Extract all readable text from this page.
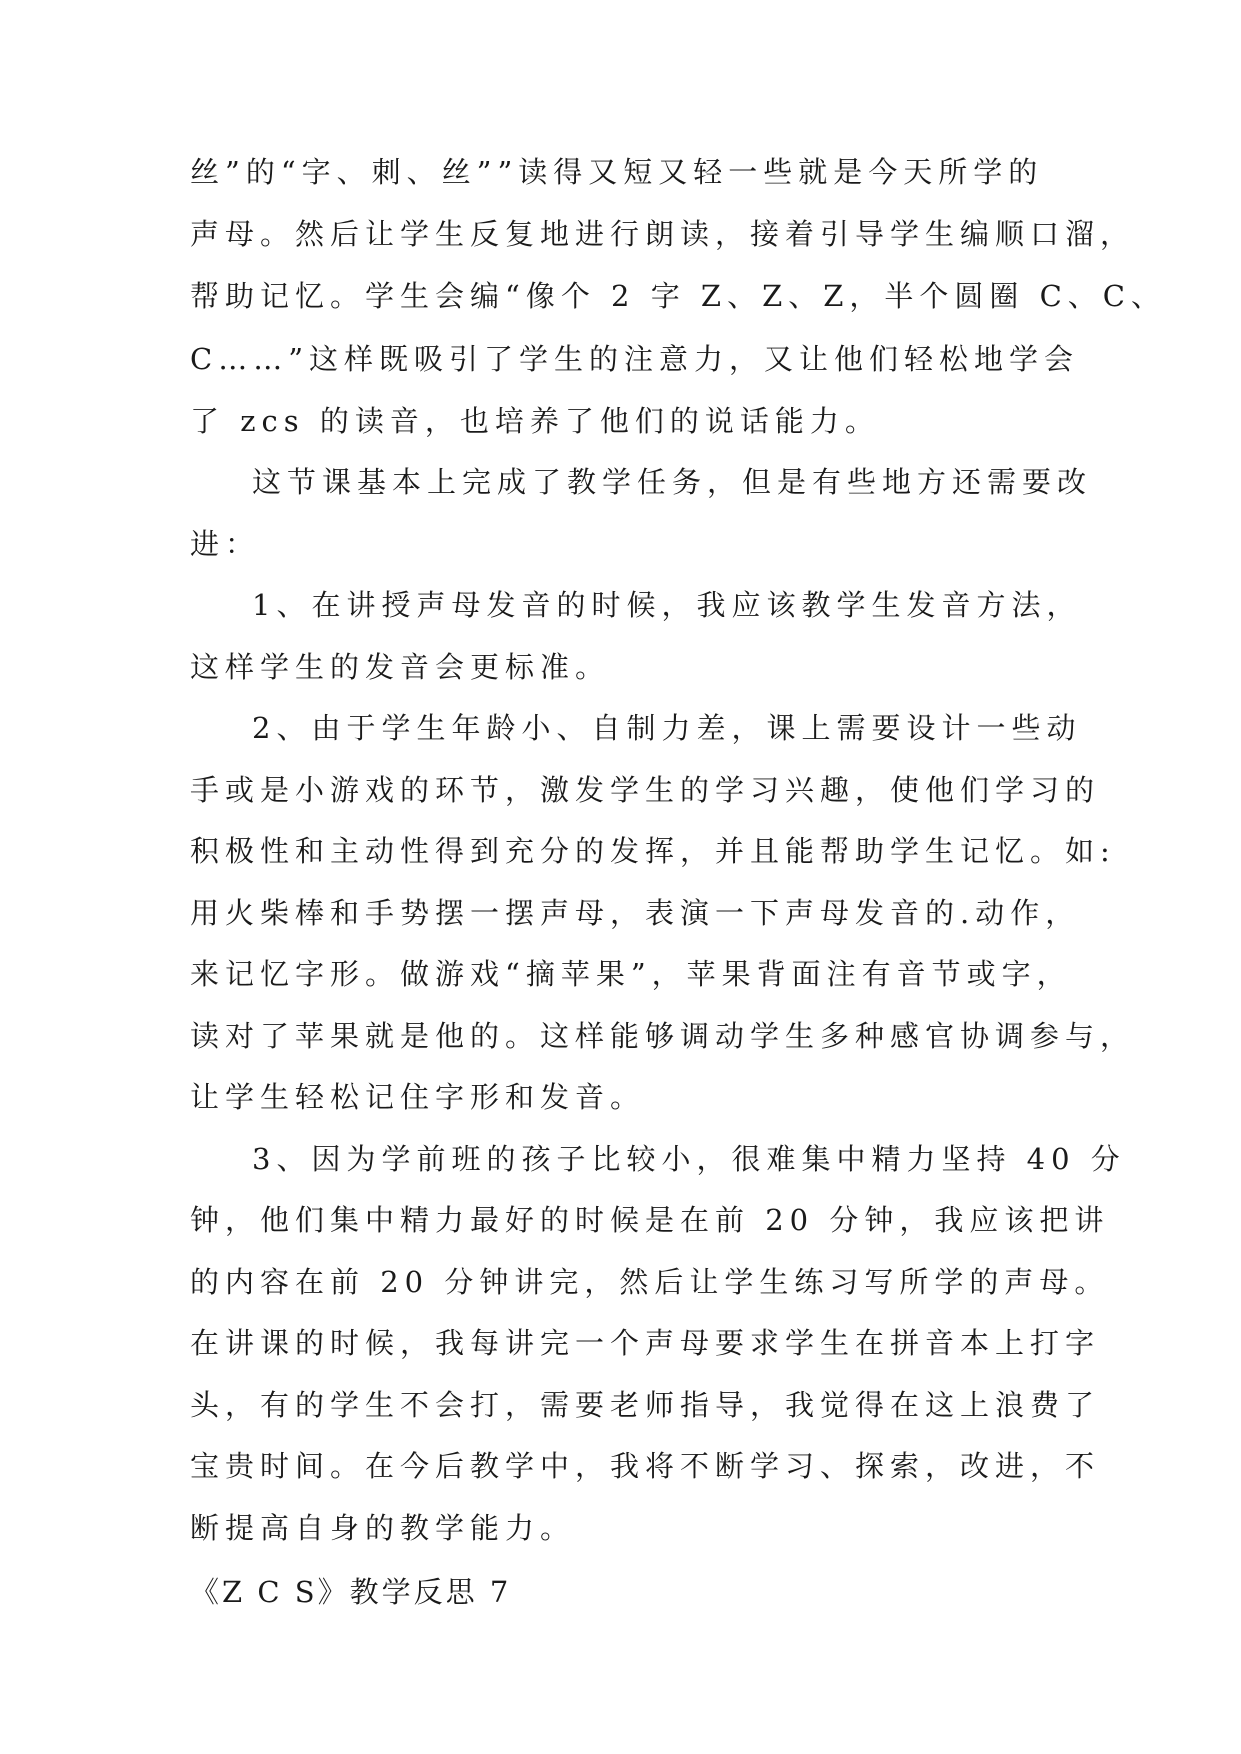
丝”的“字、刺、丝””读得又短又轻一些就是今天所学的
声母。然后让学生反复地进行朗读，接着引导学生编顺口溜，
帮助记忆。学生会编“像个 2 字 Z、Z、Z，半个圆圈 C、C、
C……”这样既吸引了学生的注意力，又让他们轻松地学会
了 zcs 的读音，也培养了他们的说话能力。
这节课基本上完成了教学任务，但是有些地方还需要改
进：
1、在讲授声母发音的时候，我应该教学生发音方法，
这样学生的发音会更标准。
2、由于学生年龄小、自制力差，课上需要设计一些动
手或是小游戏的环节，激发学生的学习兴趣，使他们学习的
积极性和主动性得到充分的发挥，并且能帮助学生记忆。如:
用火柴棒和手势摆一摆声母，表演一下声母发音的.动作，
来记忆字形。做游戏“摘苹果”，苹果背面注有音节或字，
读对了苹果就是他的。这样能够调动学生多种感官协调参与，
让学生轻松记住字形和发音。
3、因为学前班的孩子比较小，很难集中精力坚持 40 分
钟，他们集中精力最好的时候是在前 20 分钟，我应该把讲
的内容在前 20 分钟讲完，然后让学生练习写所学的声母。
在讲课的时候，我每讲完一个声母要求学生在拼音本上打字
头，有的学生不会打，需要老师指导，我觉得在这上浪费了
宝贵时间。在今后教学中，我将不断学习、探索，改进，不
断提高自身的教学能力。
《Z C S》教学反思 7
